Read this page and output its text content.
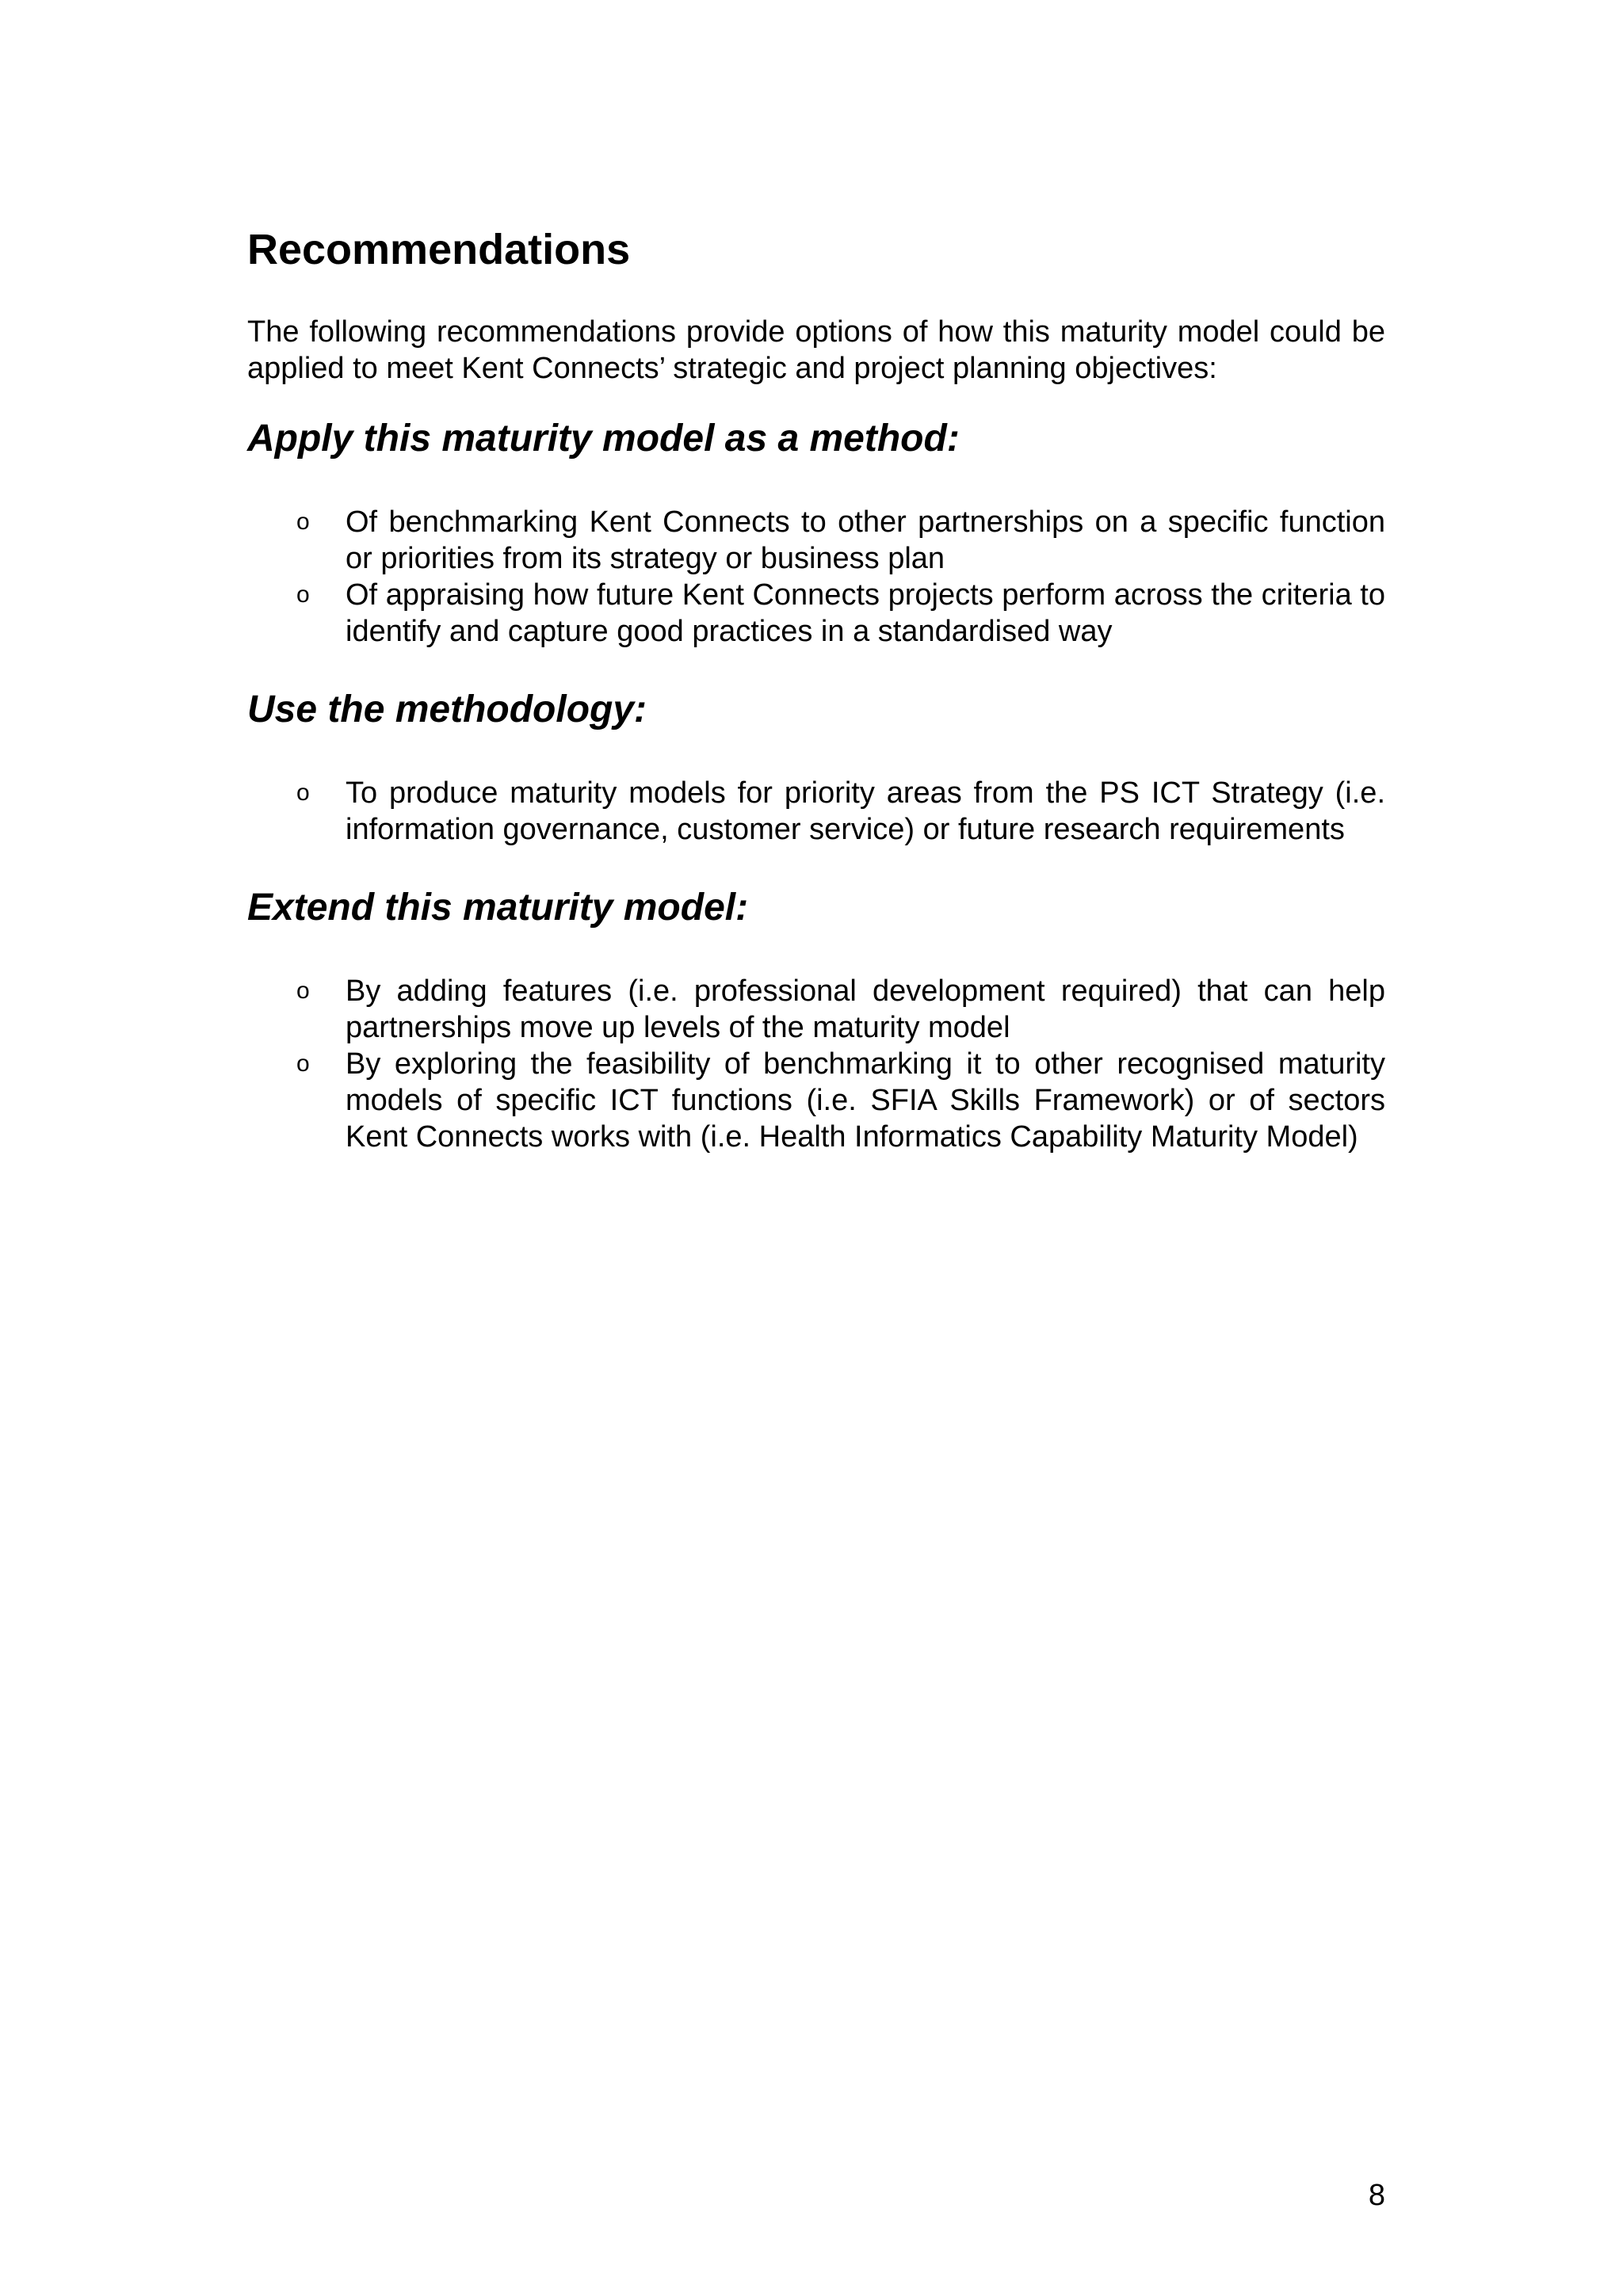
Recommendations

The following recommendations provide options of how this maturity model could be applied to meet Kent Connects’ strategic and project planning objectives:

Apply this maturity model as a method:
o	Of benchmarking Kent Connects to other partnerships on a specific function or priorities from its strategy or business plan
o	Of appraising how future Kent Connects projects perform across the criteria to identify and capture good practices in a standardised way
Use the methodology:
o	To produce maturity models for priority areas from the PS ICT Strategy (i.e. information governance, customer service) or future research requirements
Extend this maturity model:
o	By adding features (i.e. professional development required) that can help partnerships move up levels of the maturity model
o	By exploring the feasibility of benchmarking it to other recognised maturity models of specific ICT functions (i.e. SFIA Skills Framework) or of sectors Kent Connects works with (i.e. Health Informatics Capability Maturity Model)
8
